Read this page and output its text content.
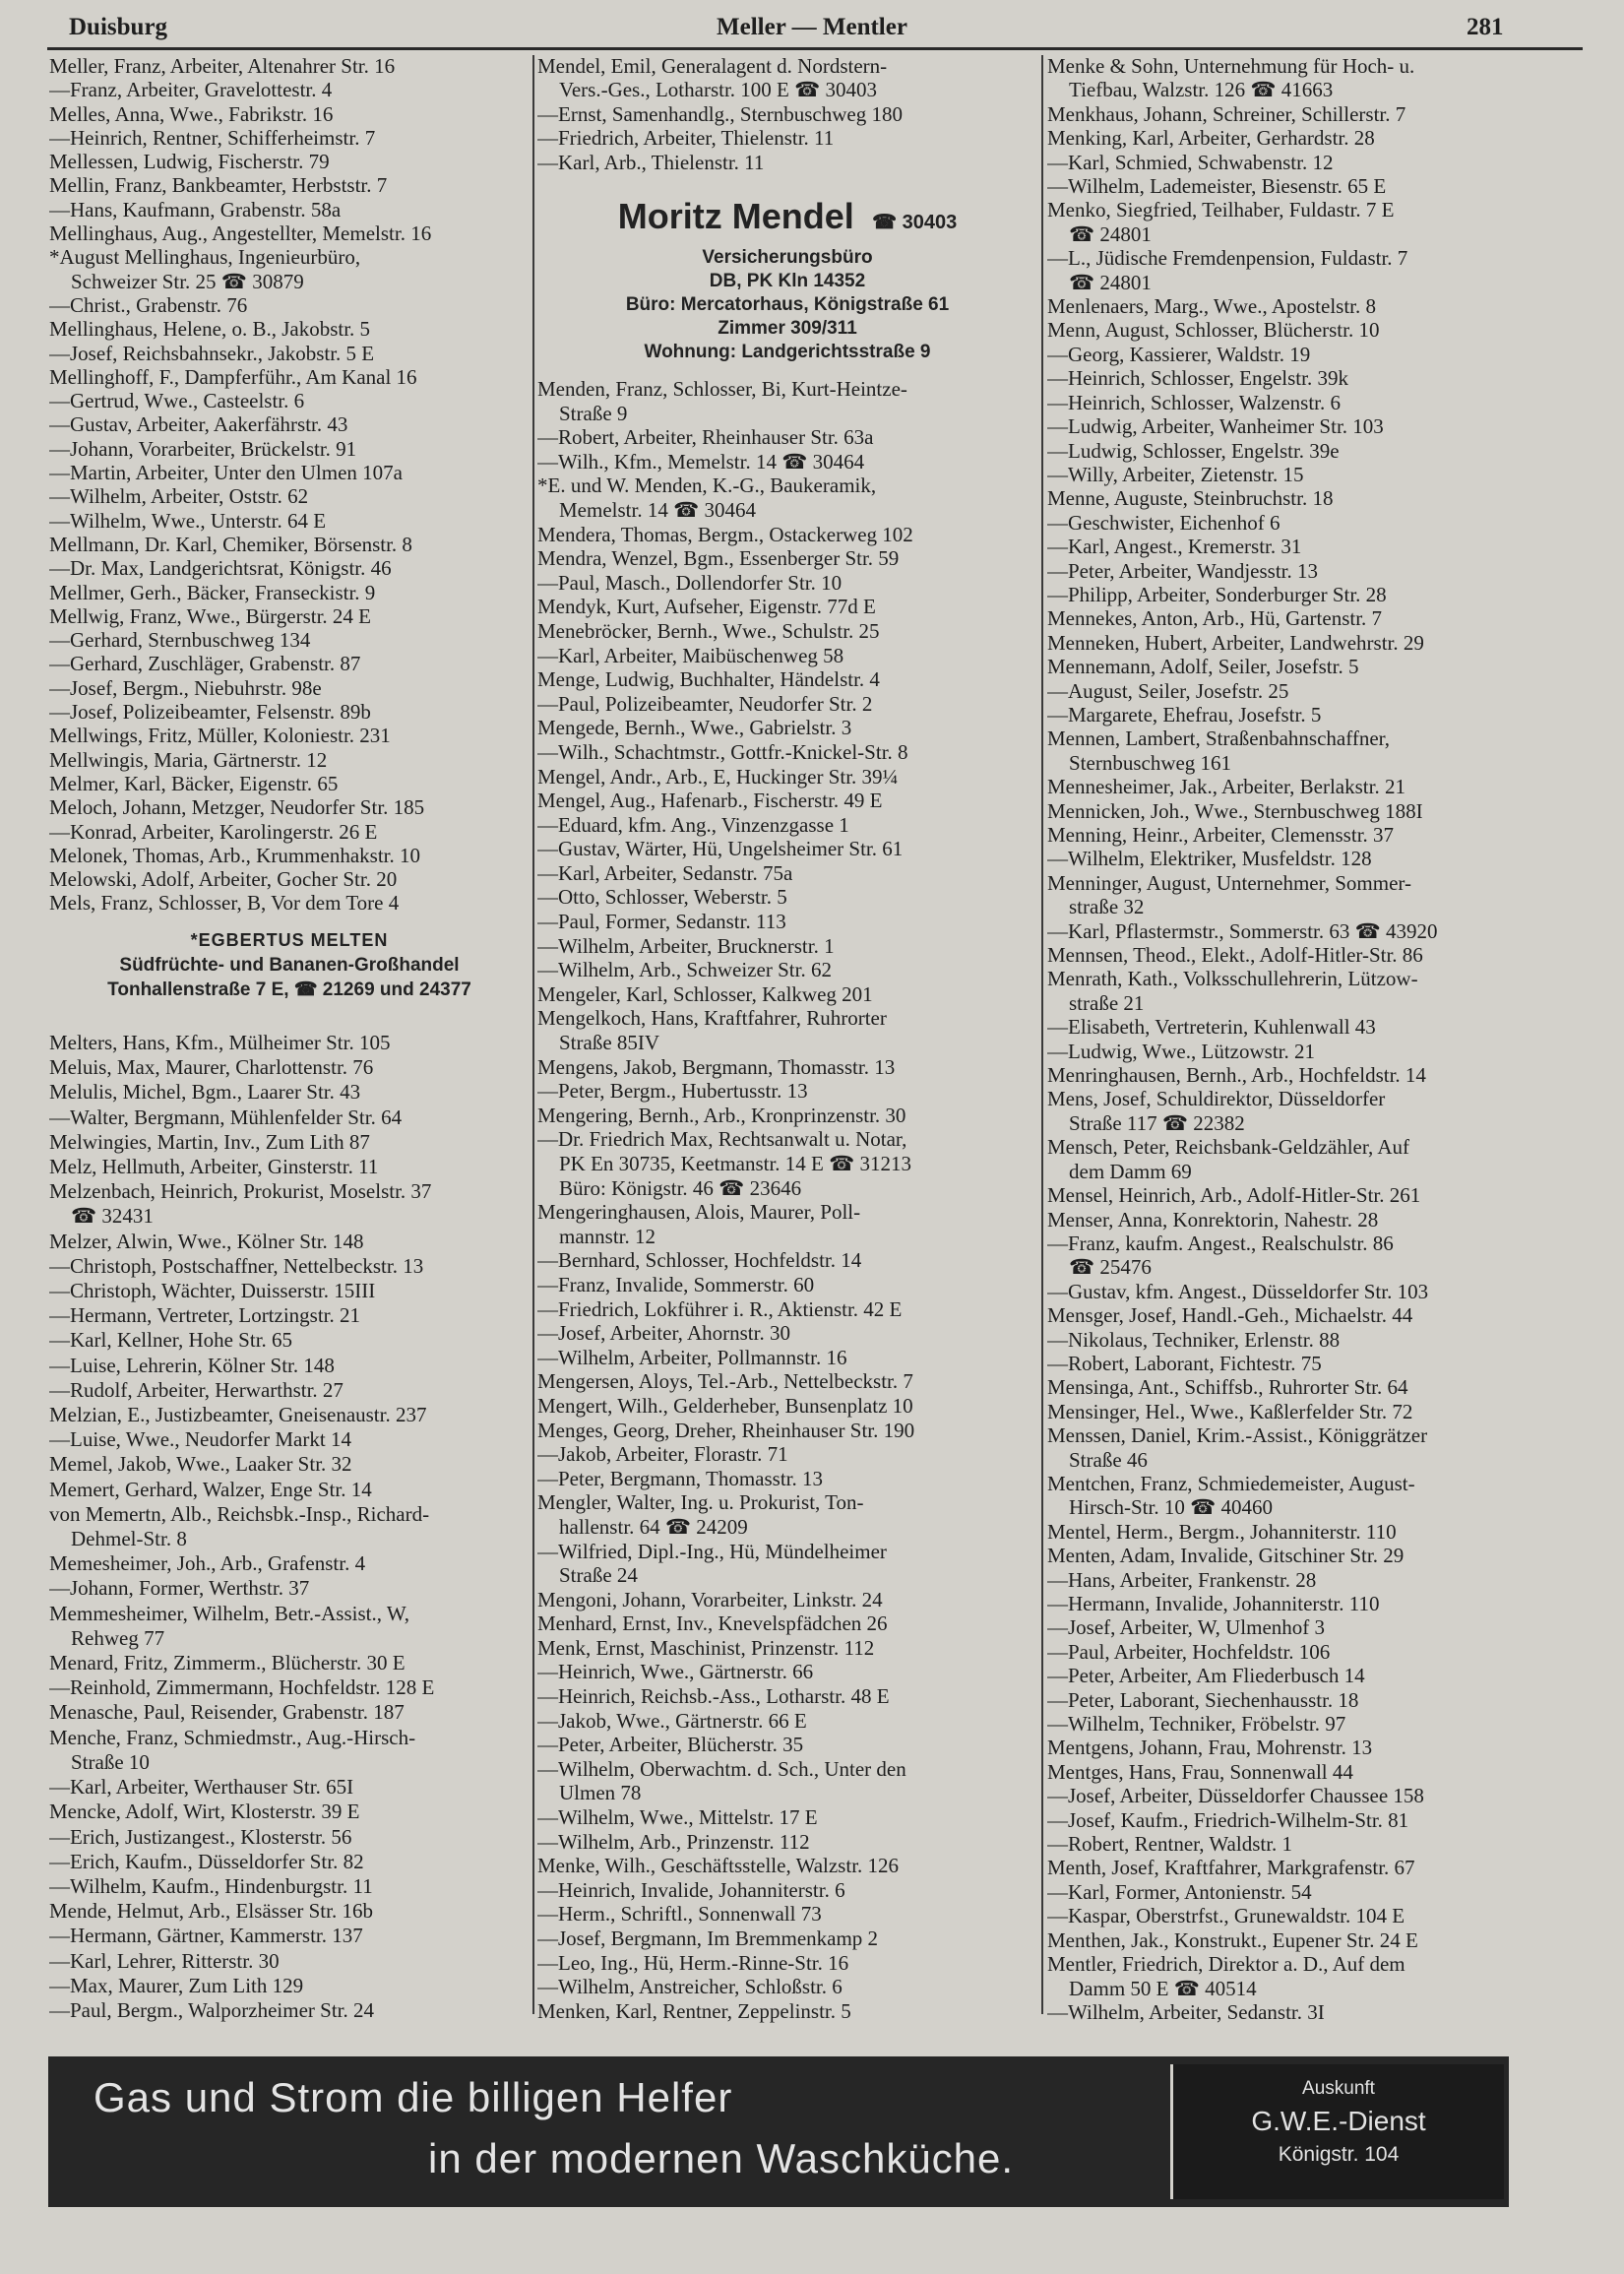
Duisburg	Meller — Mentler	281
Meller, Franz, Arbeiter, Altenahrer Str. 16
—Franz, Arbeiter, Gravelottestr. 4
Melles, Anna, Wwe., Fabrikstr. 16
—Heinrich, Rentner, Schifferheimstr. 7
Mellessen, Ludwig, Fischerstr. 79
Mellin, Franz, Bankbeamter, Herbststr. 7
—Hans, Kaufmann, Grabenstr. 58a
Mellinghaus, Aug., Angestellter, Memelstr. 16
*August Mellinghaus, Ingenieurbüro,
Schweizer Str. 25 ☎ 30879
—Christ., Grabenstr. 76
Mellinghaus, Helene, o. B., Jakobstr. 5
—Josef, Reichsbahnsekr., Jakobstr. 5 E
Mellinghoff, F., Dampferführ., Am Kanal 16
—Gertrud, Wwe., Casteelstr. 6
—Gustav, Arbeiter, Aakerfährstr. 43
—Johann, Vorarbeiter, Brückelstr. 91
—Martin, Arbeiter, Unter den Ulmen 107a
—Wilhelm, Arbeiter, Oststr. 62
—Wilhelm, Wwe., Unterstr. 64 E
Mellmann, Dr. Karl, Chemiker, Börsenstr. 8
—Dr. Max, Landgerichtsrat, Königstr. 46
Mellmer, Gerh., Bäcker, Franseckistr. 9
Mellwig, Franz, Wwe., Bürgerstr. 24 E
—Gerhard, Sternbuschweg 134
—Gerhard, Zuschläger, Grabenstr. 87
—Josef, Bergm., Niebuhrstr. 98e
—Josef, Polizeibeamter, Felsenstr. 89b
Mellwings, Fritz, Müller, Koloniestr. 231
Mellwingis, Maria, Gärtnerstr. 12
Melmer, Karl, Bäcker, Eigenstr. 65
Meloch, Johann, Metzger, Neudorfer Str. 185
—Konrad, Arbeiter, Karolingerstr. 26 E
Melonek, Thomas, Arb., Krummenhakstr. 10
Melowski, Adolf, Arbeiter, Gocher Str. 20
Mels, Franz, Schlosser, B, Vor dem Tore 4
*EGBERTUS MELTEN
Südfrüchte- und Bananen-Großhandel
Tonhallenstraße 7 E, ☎ 21269 und 24377
Melters, Hans, Kfm., Mülheimer Str. 105
Meluis, Max, Maurer, Charlottenstr. 76
Melulis, Michel, Bgm., Laarer Str. 43
—Walter, Bergmann, Mühlenfelder Str. 64
Melwingies, Martin, Inv., Zum Lith 87
Melz, Hellmuth, Arbeiter, Ginsterstr. 11
Melzenbach, Heinrich, Prokurist, Moselstr. 37
☎ 32431
Melzer, Alwin, Wwe., Kölner Str. 148
—Christoph, Postschaffner, Nettelbeckstr. 13
—Christoph, Wächter, Duisserstr. 15III
—Hermann, Vertreter, Lortzingstr. 21
—Karl, Kellner, Hohe Str. 65
—Luise, Lehrerin, Kölner Str. 148
—Rudolf, Arbeiter, Herwarthstr. 27
Melzian, E., Justizbeamter, Gneisenaustr. 237
—Luise, Wwe., Neudorfer Markt 14
Memel, Jakob, Wwe., Laaker Str. 32
Memert, Gerhard, Walzer, Enge Str. 14
von Memertn, Alb., Reichsbk.-Insp., Richard-
Dehmel-Str. 8
Memesheimer, Joh., Arb., Grafenstr. 4
—Johann, Former, Werthstr. 37
Memmesheimer, Wilhelm, Betr.-Assist., W,
Rehweg 77
Menard, Fritz, Zimmerm., Blücherstr. 30 E
—Reinhold, Zimmermann, Hochfeldstr. 128 E
Menasche, Paul, Reisender, Grabenstr. 187
Menche, Franz, Schmiedmstr., Aug.-Hirsch-
Straße 10
—Karl, Arbeiter, Werthauser Str. 65I
Mencke, Adolf, Wirt, Klosterstr. 39 E
—Erich, Justizangest., Klosterstr. 56
—Erich, Kaufm., Düsseldorfer Str. 82
—Wilhelm, Kaufm., Hindenburgstr. 11
Mende, Helmut, Arb., Elsässer Str. 16b
—Hermann, Gärtner, Kammerstr. 137
—Karl, Lehrer, Ritterstr. 30
—Max, Maurer, Zum Lith 129
—Paul, Bergm., Walporzheimer Str. 24
Mendel, Emil, Generalagent d. Nordstern-
Vers.-Ges., Lotharstr. 100 E ☎ 30403
—Ernst, Samenhandlg., Sternbuschweg 180
—Friedrich, Arbeiter, Thielenstr. 11
—Karl, Arb., Thielenstr. 11
Moritz Mendel ☎ 30403
Versicherungsbüro
DB, PK Kln 14352
Büro: Mercatorhaus, Königstraße 61
Zimmer 309/311
Wohnung: Landgerichtsstraße 9
Menden, Franz, Schlosser, Bi, Kurt-Heintze-
Straße 9
—Robert, Arbeiter, Rheinhauser Str. 63a
—Wilh., Kfm., Memelstr. 14 ☎ 30464
*E. und W. Menden, K.-G., Baukeramik,
Memelstr. 14 ☎ 30464
Mendera, Thomas, Bergm., Ostackerweg 102
Mendra, Wenzel, Bgm., Essenberger Str. 59
—Paul, Masch., Dollendorfer Str. 10
Mendyk, Kurt, Aufseher, Eigenstr. 77d E
Menebröcker, Bernh., Wwe., Schulstr. 25
—Karl, Arbeiter, Maibüschenweg 58
Menge, Ludwig, Buchhalter, Händelstr. 4
—Paul, Polizeibeamter, Neudorfer Str. 2
Mengede, Bernh., Wwe., Gabrielstr. 3
—Wilh., Schachtmstr., Gottfr.-Knickel-Str. 8
Mengel, Andr., Arb., E, Huckinger Str. 39¼
Mengel, Aug., Hafenarb., Fischerstr. 49 E
—Eduard, kfm. Ang., Vinzenzgasse 1
—Gustav, Wärter, Hü, Ungelsheimer Str. 61
—Karl, Arbeiter, Sedanstr. 75a
—Otto, Schlosser, Weberstr. 5
—Paul, Former, Sedanstr. 113
—Wilhelm, Arbeiter, Brucknerstr. 1
—Wilhelm, Arb., Schweizer Str. 62
Mengeler, Karl, Schlosser, Kalkweg 201
Mengelkoch, Hans, Kraftfahrer, Ruhrorter
Straße 85IV
Mengens, Jakob, Bergmann, Thomasstr. 13
—Peter, Bergm., Hubertusstr. 13
Mengering, Bernh., Arb., Kronprinzenstr. 30
—Dr. Friedrich Max, Rechtsanwalt u. Notar,
PK En 30735, Keetmanstr. 14 E ☎ 31213
Büro: Königstr. 46 ☎ 23646
Mengeringhausen, Alois, Maurer, Poll-
mannstr. 12
—Bernhard, Schlosser, Hochfeldstr. 14
—Franz, Invalide, Sommerstr. 60
—Friedrich, Lokführer i. R., Aktienstr. 42 E
—Josef, Arbeiter, Ahornstr. 30
—Wilhelm, Arbeiter, Pollmannstr. 16
Mengersen, Aloys, Tel.-Arb., Nettelbeckstr. 7
Mengert, Wilh., Gelderheber, Bunsenplatz 10
Menges, Georg, Dreher, Rheinhauser Str. 190
—Jakob, Arbeiter, Florastr. 71
—Peter, Bergmann, Thomasstr. 13
Mengler, Walter, Ing. u. Prokurist, Ton-
hallenstr. 64 ☎ 24209
—Wilfried, Dipl.-Ing., Hü, Mündelheimer
Straße 24
Mengoni, Johann, Vorarbeiter, Linkstr. 24
Menhard, Ernst, Inv., Knevelspfädchen 26
Menk, Ernst, Maschinist, Prinzenstr. 112
—Heinrich, Wwe., Gärtnerstr. 66
—Heinrich, Reichsb.-Ass., Lotharstr. 48 E
—Jakob, Wwe., Gärtnerstr. 66 E
—Peter, Arbeiter, Blücherstr. 35
—Wilhelm, Oberwachtm. d. Sch., Unter den
Ulmen 78
—Wilhelm, Wwe., Mittelstr. 17 E
—Wilhelm, Arb., Prinzenstr. 112
Menke, Wilh., Geschäftsstelle, Walzstr. 126
—Heinrich, Invalide, Johanniterstr. 6
—Herm., Schriftl., Sonnenwall 73
—Josef, Bergmann, Im Bremmenkamp 2
—Leo, Ing., Hü, Herm.-Rinne-Str. 16
—Wilhelm, Anstreicher, Schloßstr. 6
Menken, Karl, Rentner, Zeppelinstr. 5
Menke & Sohn, Unternehmung für Hoch- u.
Tiefbau, Walzstr. 126 ☎ 41663
Menkhaus, Johann, Schreiner, Schillerstr. 7
Menking, Karl, Arbeiter, Gerhardstr. 28
—Karl, Schmied, Schwabenstr. 12
—Wilhelm, Lademeister, Biesenstr. 65 E
Menko, Siegfried, Teilhaber, Fuldastr. 7 E
☎ 24801
—L., Jüdische Fremdenpension, Fuldastr. 7
☎ 24801
Menlenaers, Marg., Wwe., Apostelstr. 8
Menn, August, Schlosser, Blücherstr. 10
—Georg, Kassierer, Waldstr. 19
—Heinrich, Schlosser, Engelstr. 39k
—Heinrich, Schlosser, Walzenstr. 6
—Ludwig, Arbeiter, Wanheimer Str. 103
—Ludwig, Schlosser, Engelstr. 39e
—Willy, Arbeiter, Zietenstr. 15
Menne, Auguste, Steinbruchstr. 18
—Geschwister, Eichenhof 6
—Karl, Angest., Kremerstr. 31
—Peter, Arbeiter, Wandjesstr. 13
—Philipp, Arbeiter, Sonderburger Str. 28
Mennekes, Anton, Arb., Hü, Gartenstr. 7
Menneken, Hubert, Arbeiter, Landwehrstr. 29
Mennemann, Adolf, Seiler, Josefstr. 5
—August, Seiler, Josefstr. 25
—Margarete, Ehefrau, Josefstr. 5
Mennen, Lambert, Straßenbahnschaffner,
Sternbuschweg 161
Mennesheimer, Jak., Arbeiter, Berlakstr. 21
Mennicken, Joh., Wwe., Sternbuschweg 188I
Menning, Heinr., Arbeiter, Clemensstr. 37
—Wilhelm, Elektriker, Musfeldstr. 128
Menninger, August, Unternehmer, Sommer-
straße 32
—Karl, Pflastermstr., Sommerstr. 63 ☎ 43920
Mennsen, Theod., Elekt., Adolf-Hitler-Str. 86
Menrath, Kath., Volksschullehrerin, Lützow-
straße 21
—Elisabeth, Vertreterin, Kuhlenwall 43
—Ludwig, Wwe., Lützowstr. 21
Menringhausen, Bernh., Arb., Hochfeldstr. 14
Mens, Josef, Schuldirektor, Düsseldorfer
Straße 117 ☎ 22382
Mensch, Peter, Reichsbank-Geldzähler, Auf
dem Damm 69
Mensel, Heinrich, Arb., Adolf-Hitler-Str. 261
Menser, Anna, Konrektorin, Nahestr. 28
—Franz, kaufm. Angest., Realschulstr. 86
☎ 25476
—Gustav, kfm. Angest., Düsseldorfer Str. 103
Mensger, Josef, Handl.-Geh., Michaelstr. 44
—Nikolaus, Techniker, Erlenstr. 88
—Robert, Laborant, Fichtestr. 75
Mensinga, Ant., Schiffsb., Ruhrorter Str. 64
Mensinger, Hel., Wwe., Kaßlerfelder Str. 72
Menssen, Daniel, Krim.-Assist., Königgrätzer
Straße 46
Mentchen, Franz, Schmiedemeister, August-
Hirsch-Str. 10 ☎ 40460
Mentel, Herm., Bergm., Johanniterstr. 110
Menten, Adam, Invalide, Gitschiner Str. 29
—Hans, Arbeiter, Frankenstr. 28
—Hermann, Invalide, Johanniterstr. 110
—Josef, Arbeiter, W, Ulmenhof 3
—Paul, Arbeiter, Hochfeldstr. 106
—Peter, Arbeiter, Am Fliederbusch 14
—Peter, Laborant, Siechenhausstr. 18
—Wilhelm, Techniker, Fröbelstr. 97
Mentgens, Johann, Frau, Mohrenstr. 13
Mentges, Hans, Frau, Sonnenwall 44
—Josef, Arbeiter, Düsseldorfer Chaussee 158
—Josef, Kaufm., Friedrich-Wilhelm-Str. 81
—Robert, Rentner, Waldstr. 1
Menth, Josef, Kraftfahrer, Markgrafenstr. 67
—Karl, Former, Antonienstr. 54
—Kaspar, Oberstrfst., Grunewaldstr. 104 E
Menthen, Jak., Konstrukt., Eupener Str. 24 E
Mentler, Friedrich, Direktor a. D., Auf dem
Damm 50 E ☎ 40514
—Wilhelm, Arbeiter, Sedanstr. 3I
Gas und Strom die billigen Helfer
in der modernen Waschküche.
Auskunft
G.W.E.-Dienst
Königstr. 104
